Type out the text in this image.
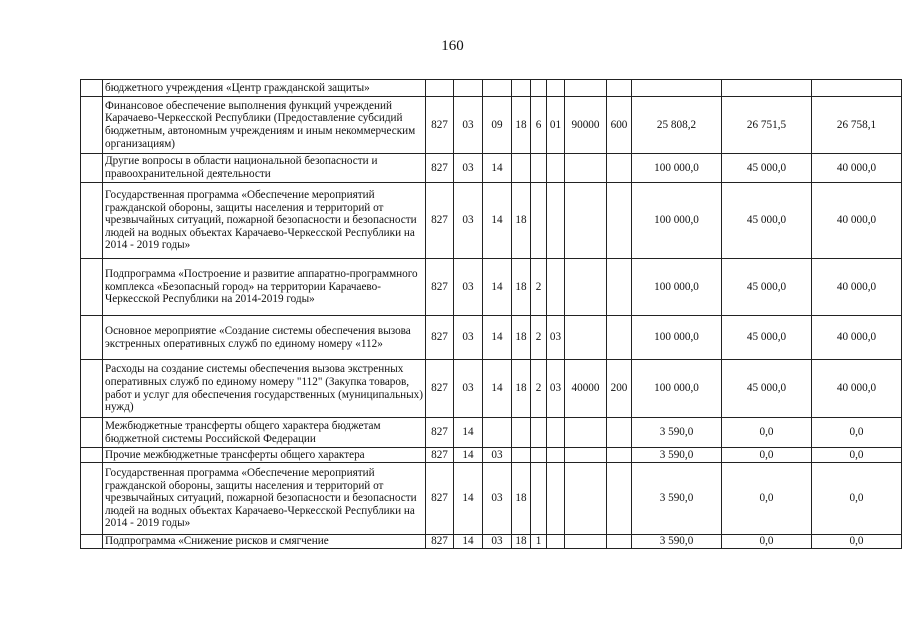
160
	бюджетного учреждения «Центр гражданской защиты»											
	Финансовое обеспечение выполнения функций учреждений Карачаево-Черкесской Республики (Предоставление субсидий бюджетным, автономным учреждениям и иным некоммерческим организациям)	827	03	09	18	6	01	90000	600	25 808,2	26 751,5	26 758,1
	Другие вопросы в области национальной безопасности и правоохранительной деятельности	827	03	14						100 000,0	45 000,0	40 000,0
	Государственная программа «Обеспечение мероприятий гражданской обороны, защиты населения и территорий от чрезвычайных ситуаций, пожарной безопасности и безопасности людей на водных объектах Карачаево-Черкесской Республики на 2014 - 2019 годы»	827	03	14	18					100 000,0	45 000,0	40 000,0
	Подпрограмма «Построение и развитие аппаратно-программного комплекса «Безопасный город» на территории Карачаево-Черкесской Республики на 2014-2019 годы»	827	03	14	18	2				100 000,0	45 000,0	40 000,0
	Основное мероприятие «Создание системы обеспечения вызова экстренных оперативных служб по единому номеру «112»	827	03	14	18	2	03			100 000,0	45 000,0	40 000,0
	Расходы на создание системы обеспечения вызова экстренных оперативных служб по единому номеру "112" (Закупка товаров, работ и услуг для обеспечения государственных (муниципальных) нужд)	827	03	14	18	2	03	40000	200	100 000,0	45 000,0	40 000,0
	Межбюджетные трансферты общего характера бюджетам бюджетной системы Российской Федерации	827	14							3 590,0	0,0	0,0
	Прочие межбюджетные трансферты общего характера	827	14	03						3 590,0	0,0	0,0
	Государственная программа «Обеспечение мероприятий гражданской обороны, защиты населения и территорий от чрезвычайных ситуаций, пожарной безопасности и безопасности людей на водных объектах Карачаево-Черкесской Республики на 2014 - 2019 годы»	827	14	03	18					3 590,0	0,0	0,0
	Подпрограмма «Снижение рисков и смягчение	827	14	03	18	1				3 590,0	0,0	0,0
